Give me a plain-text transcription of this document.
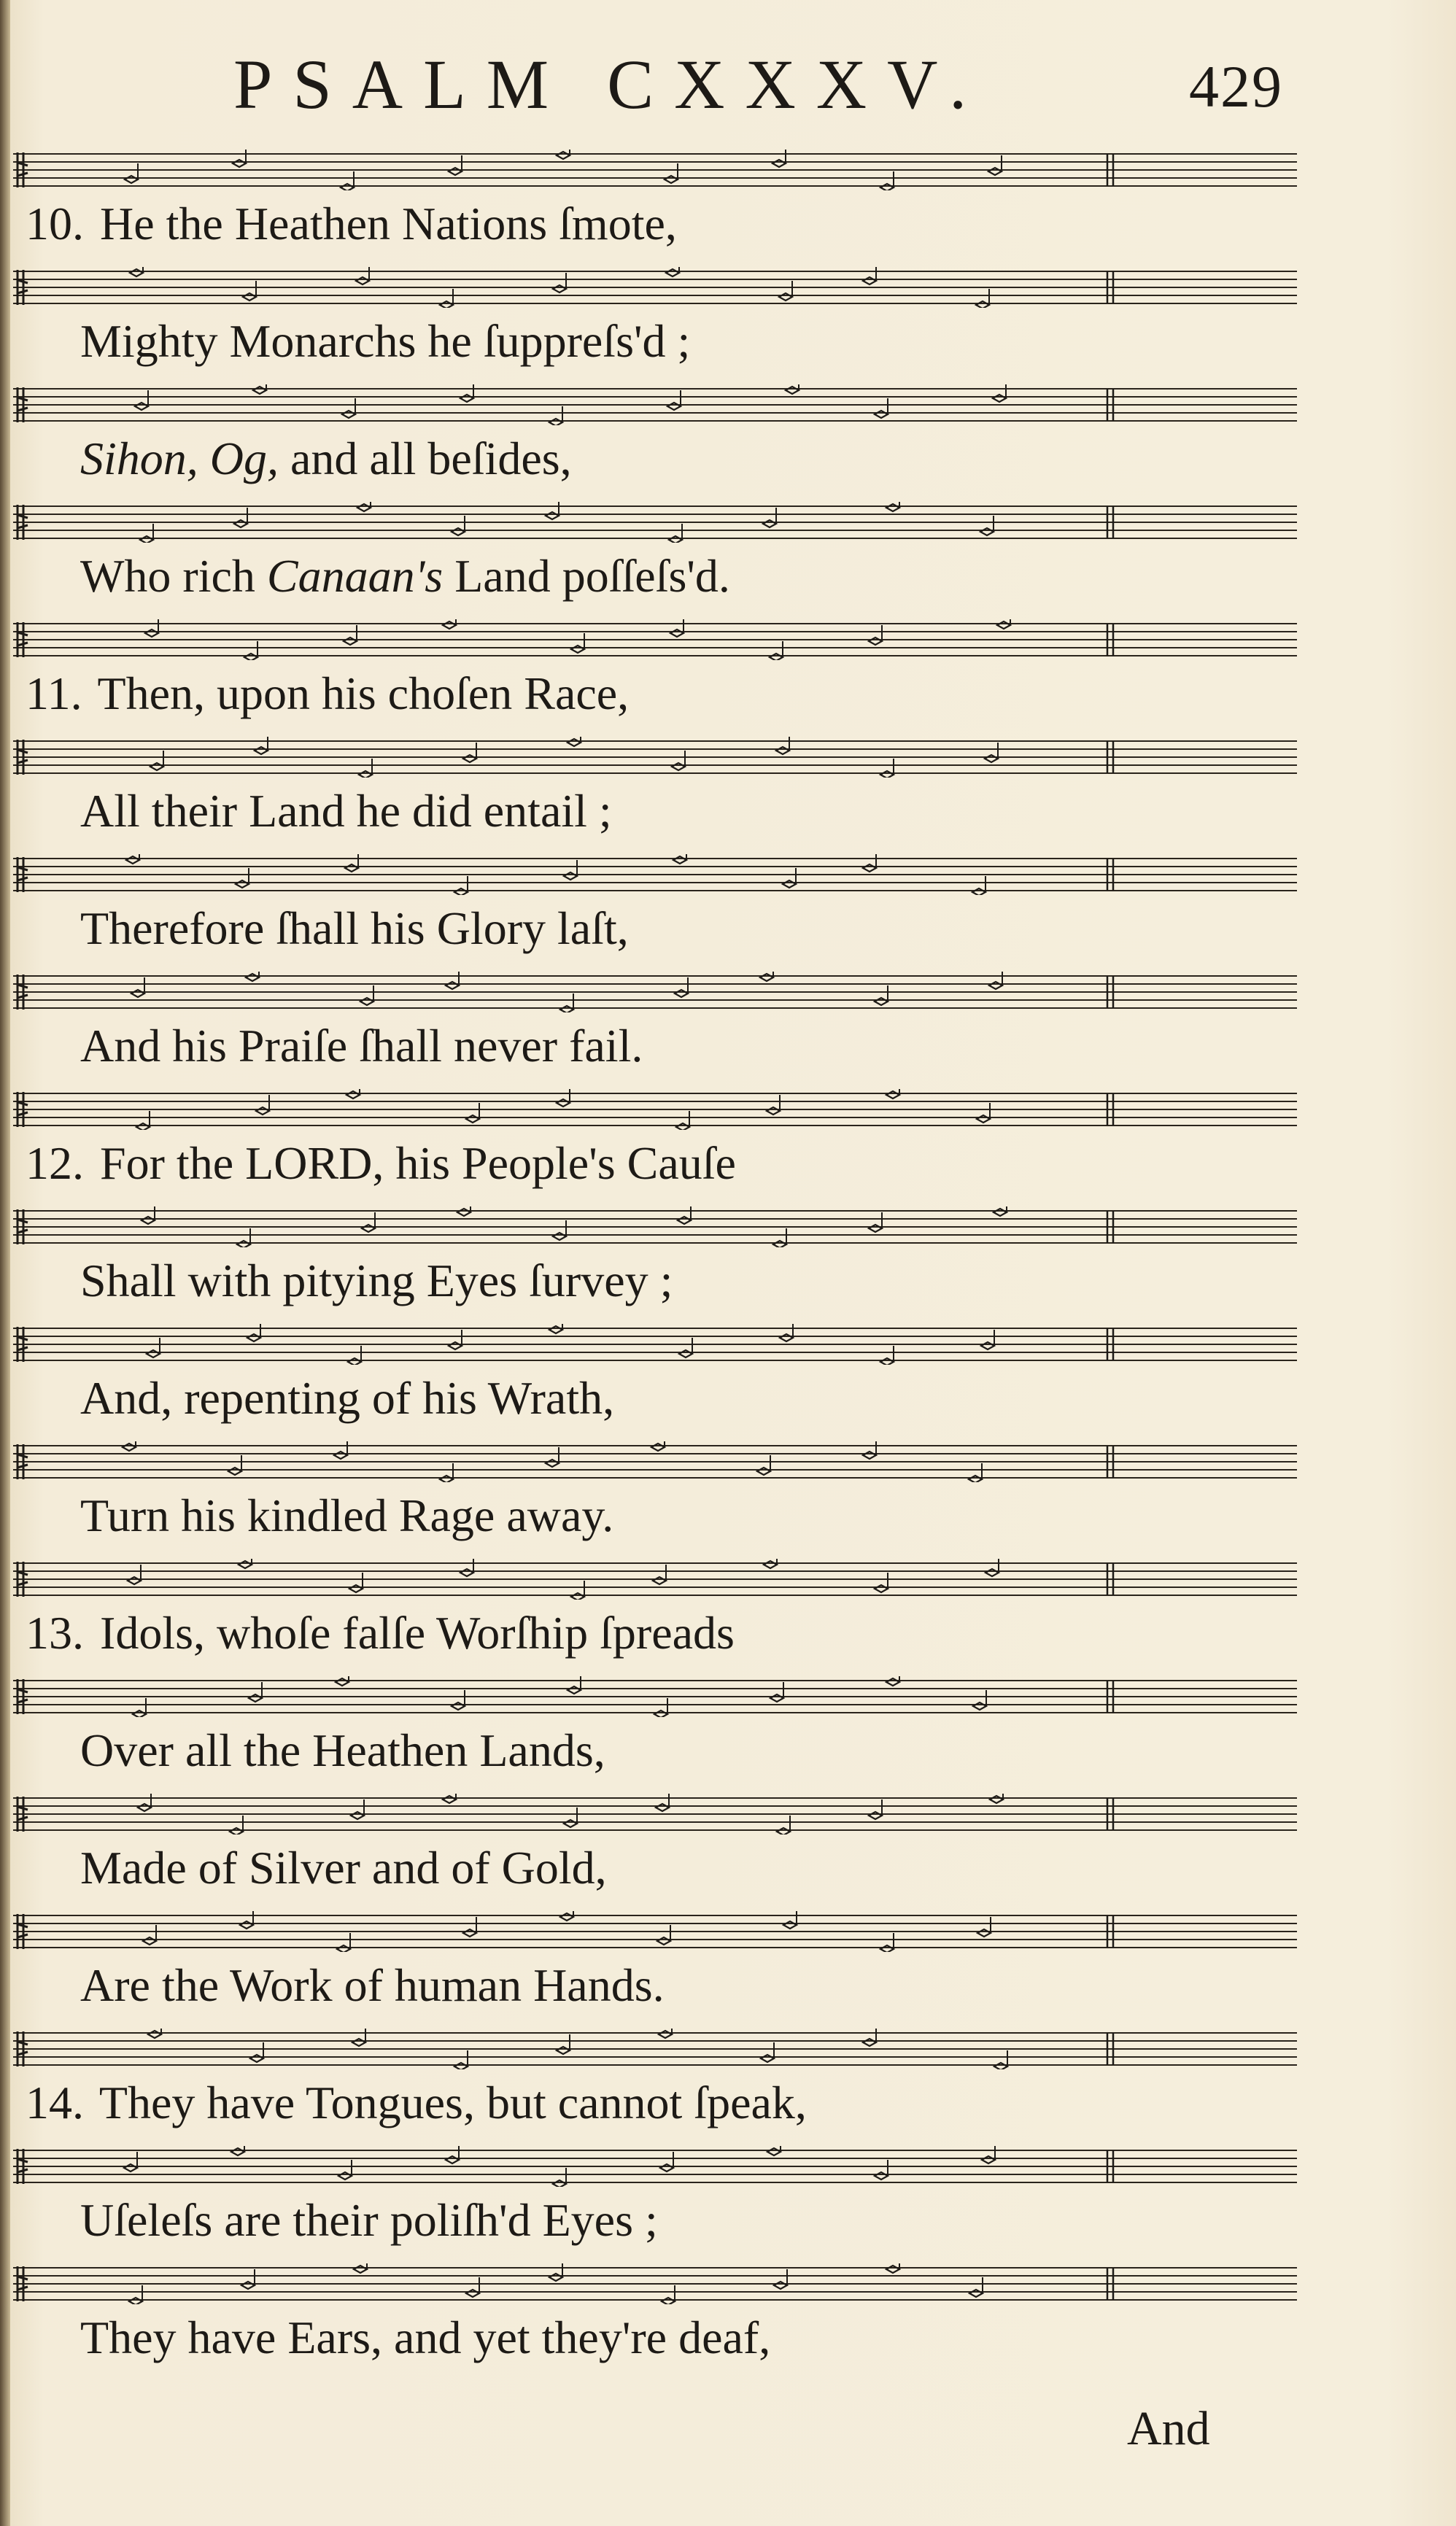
PSALM CXXXV.	429
10. He the Heathen Nations ſmote,
Mighty Monarchs he ſuppreſs'd ;
Sihon, Og, and all beſides,
Who rich Canaan's Land poſſeſs'd.
11. Then, upon his choſen Race,
All their Land he did entail ;
Therefore ſhall his Glory laſt,
And his Praiſe ſhall never fail.
12. For the LORD, his People's Cauſe
Shall with pitying Eyes ſurvey ;
And, repenting of his Wrath,
Turn his kindled Rage away.
13. Idols, whoſe falſe Worſhip ſpreads
Over all the Heathen Lands,
Made of Silver and of Gold,
Are the Work of human Hands.
14. They have Tongues, but cannot ſpeak,
Uſeleſs are their poliſh'd Eyes ;
They have Ears, and yet they're deaf,
And
